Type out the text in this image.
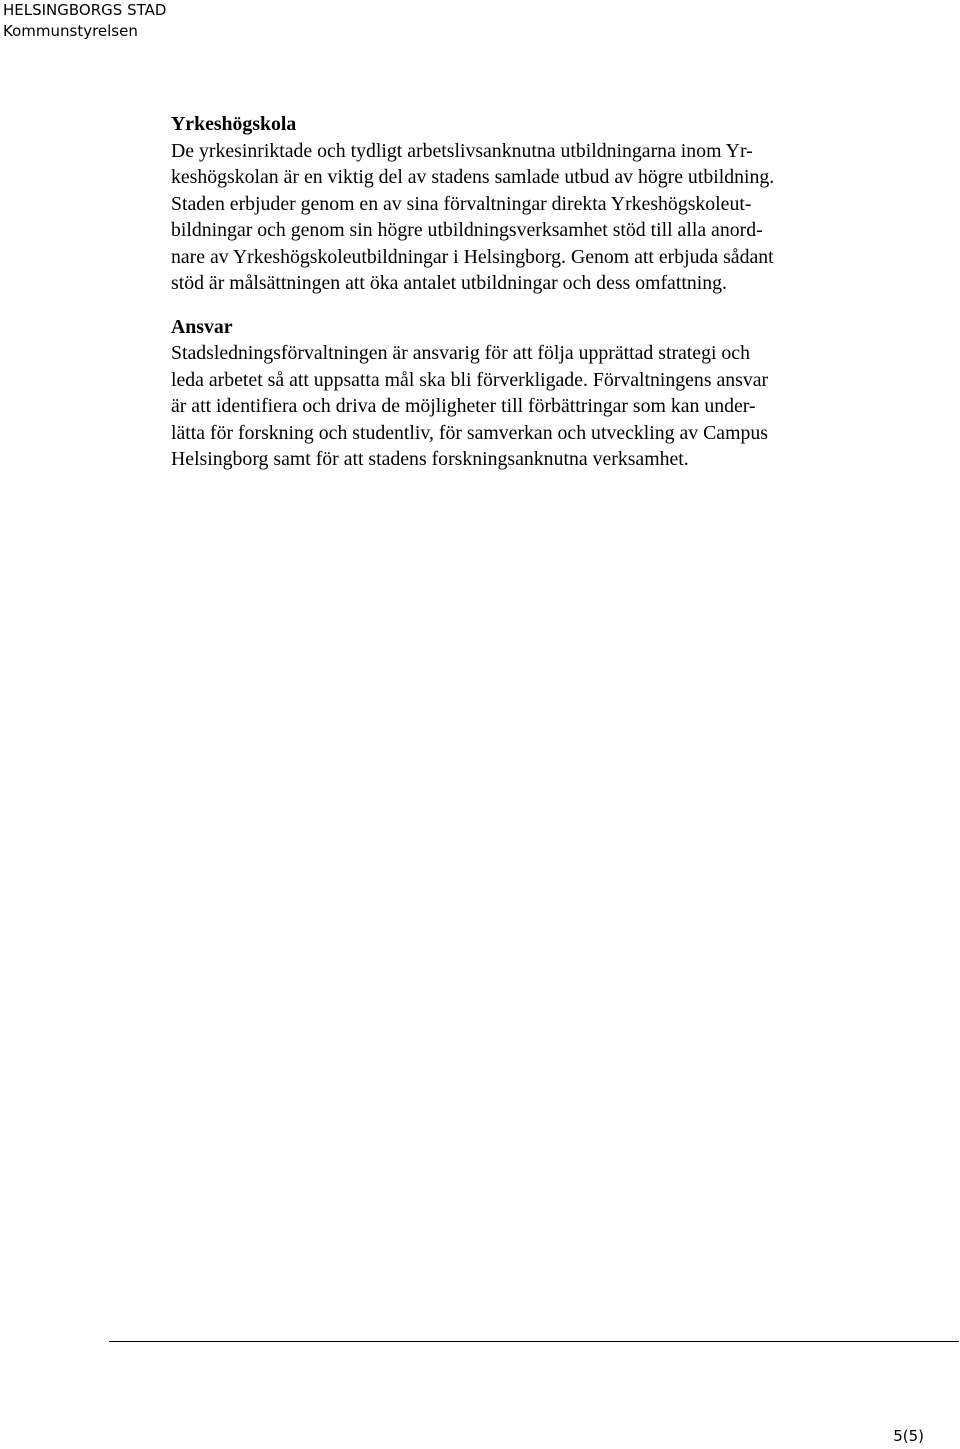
HELSINGBORGS STAD
Kommunstyrelsen
Yrkeshögskola
De yrkesinriktade och tydligt arbetslivsanknutna utbildningarna inom Yr-
keshögskolan är en viktig del av stadens samlade utbud av högre utbildning.
Staden erbjuder genom en av sina förvaltningar direkta Yrkeshögskoleut-
bildningar och genom sin högre utbildningsverksamhet stöd till alla anord-
nare av Yrkeshögskoleutbildningar i Helsingborg. Genom att erbjuda sådant
stöd är målsättningen att öka antalet utbildningar och dess omfattning.
Ansvar
Stadsledningsförvaltningen är ansvarig för att följa upprättad strategi och
leda arbetet så att uppsatta mål ska bli förverkligade. Förvaltningens ansvar
är att identifiera och driva de möjligheter till förbättringar som kan under-
lätta för forskning och studentliv, för samverkan och utveckling av Campus
Helsingborg samt för att stadens forskningsanknutna verksamhet.
5(5)
